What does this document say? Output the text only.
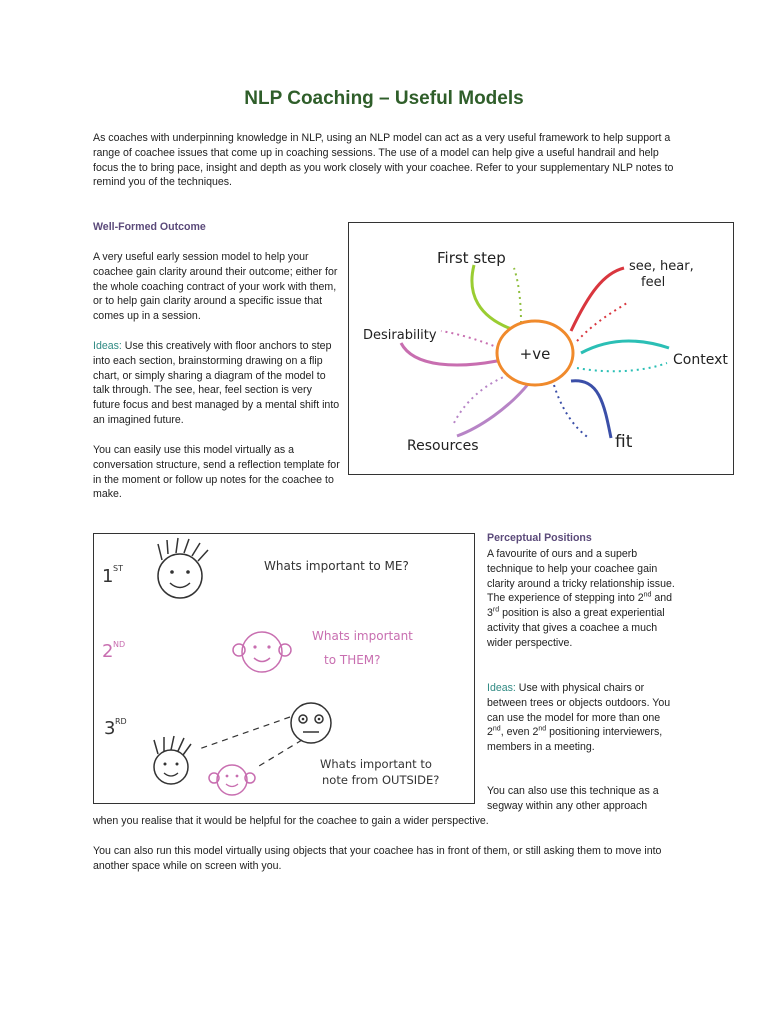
NLP Coaching – Useful Models

As coaches with underpinning knowledge in NLP, using an NLP model can act as a very useful framework to help support a range of coachee issues that come up in coaching sessions. The use of a model can help give a useful handrail and help focus the to bring pace, insight and depth as you work closely with your coachee. Refer to your supplementary NLP notes to remind you of the techniques.

Well-Formed Outcome

A very useful early session model to help your coachee gain clarity around their outcome; either for the whole coaching contract of your work with them, or to help gain clarity around a specific issue that comes up in a session.

Ideas: Use this creatively with floor anchors to step into each section, brainstorming drawing on a flip chart, or simply sharing a diagram of the model to talk through. The see, hear, feel section is very future focus and best managed by a mental shift into an imagined future.

You can easily use this model virtually as a conversation structure, send a reflection template for in the moment or follow up notes for the coachee to make.

+ve
First step	see, hear,
feel
Context
fit
Resources
Desirability
1 ST	Whats important to ME?
2 ND
Whats important
to THEM?
3 RD
Whats important to
note from OUTSIDE?

Perceptual Positions

A favourite of ours and a superb technique to help your coachee gain clarity around a tricky relationship issue. The experience of stepping into 2nd and 3rd position is also a great experiential activity that gives a coachee a much wider perspective.

Ideas: Use with physical chairs or between trees or objects outdoors. You can use the model for more than one 2nd, even 2nd positioning interviewers, members in a meeting.

You can also use this technique as a segway within any other approach

when you realise that it would be helpful for the coachee to gain a wider perspective.

You can also run this model virtually using objects that your coachee has in front of them, or still asking them to move into another space while on screen with you.
